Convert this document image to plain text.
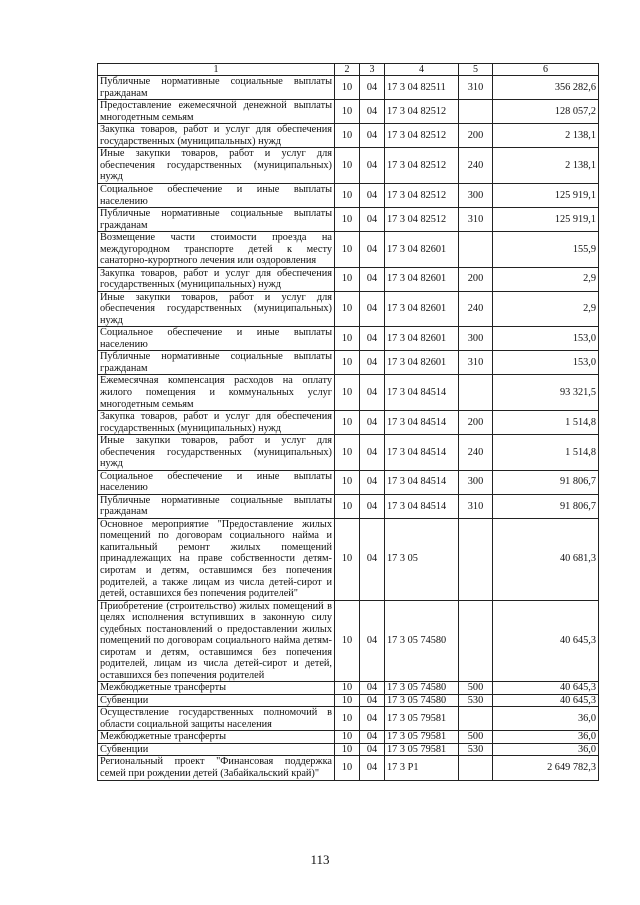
1	2	3	4	5	6
Публичные нормативные социальные выплаты гражданам	10	04	17 3 04 82511	310	356 282,6
Предоставление ежемесячной денежной выплаты многодетным семьям	10	04	17 3 04 82512		128 057,2
Закупка товаров, работ и услуг для обеспечения государственных (муниципальных) нужд	10	04	17 3 04 82512	200	2 138,1
Иные закупки товаров, работ и услуг для обеспечения государственных (муниципальных) нужд	10	04	17 3 04 82512	240	2 138,1
Социальное обеспечение и иные выплаты населению	10	04	17 3 04 82512	300	125 919,1
Публичные нормативные социальные выплаты гражданам	10	04	17 3 04 82512	310	125 919,1
Возмещение части стоимости проезда на междугородном транспорте детей к месту санаторно-курортного лечения или оздоровления	10	04	17 3 04 82601		155,9
Закупка товаров, работ и услуг для обеспечения государственных (муниципальных) нужд	10	04	17 3 04 82601	200	2,9
Иные закупки товаров, работ и услуг для обеспечения государственных (муниципальных) нужд	10	04	17 3 04 82601	240	2,9
Социальное обеспечение и иные выплаты населению	10	04	17 3 04 82601	300	153,0
Публичные нормативные социальные выплаты гражданам	10	04	17 3 04 82601	310	153,0
Ежемесячная компенсация расходов на оплату жилого помещения и коммунальных услуг многодетным семьям	10	04	17 3 04 84514		93 321,5
Закупка товаров, работ и услуг для обеспечения государственных (муниципальных) нужд	10	04	17 3 04 84514	200	1 514,8
Иные закупки товаров, работ и услуг для обеспечения государственных (муниципальных) нужд	10	04	17 3 04 84514	240	1 514,8
Социальное обеспечение и иные выплаты населению	10	04	17 3 04 84514	300	91 806,7
Публичные нормативные социальные выплаты гражданам	10	04	17 3 04 84514	310	91 806,7
Основное мероприятие "Предоставление жилых помещений по договорам социального найма и капитальный ремонт жилых помещений принадлежащих на праве собственности детям-сиротам и детям, оставшимся без попечения родителей, а также лицам из числа детей-сирот и детей, оставшихся без попечения родителей"	10	04	17 3 05		40 681,3
Приобретение (строительство) жилых помещений в целях исполнения вступивших в законную силу судебных постановлений о предоставлении жилых помещений по договорам социального найма детям-сиротам и детям, оставшимся без попечения родителей, лицам из числа детей-сирот и детей, оставшихся без попечения родителей	10	04	17 3 05 74580		40 645,3
Межбюджетные трансферты	10	04	17 3 05 74580	500	40 645,3
Субвенции	10	04	17 3 05 74580	530	40 645,3
Осуществление государственных полномочий в области социальной защиты населения	10	04	17 3 05 79581		36,0
Межбюджетные трансферты	10	04	17 3 05 79581	500	36,0
Субвенции	10	04	17 3 05 79581	530	36,0
Региональный проект "Финансовая поддержка семей при рождении детей (Забайкальский край)"	10	04	17 3 P1		2 649 782,3
113
